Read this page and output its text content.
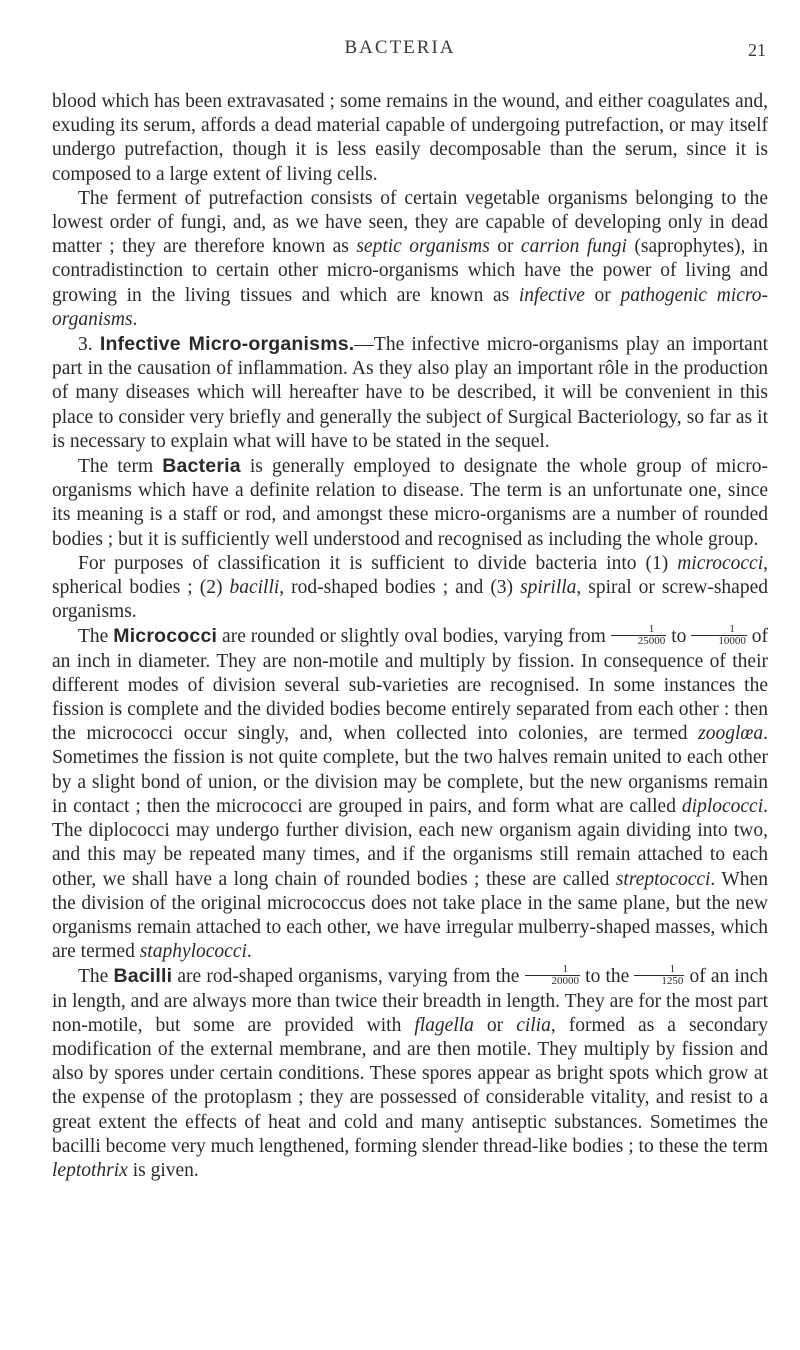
BACTERIA	21

blood which has been extravasated ; some remains in the wound, and either coagulates and, exuding its serum, affords a dead material capable of undergoing putrefaction, or may itself undergo putrefaction, though it is less easily decomposable than the serum, since it is composed to a large extent of living cells.

The ferment of putrefaction consists of certain vegetable organisms belonging to the lowest order of fungi, and, as we have seen, they are capable of developing only in dead matter ; they are therefore known as septic organisms or carrion fungi (saprophytes), in contradistinction to certain other micro-organisms which have the power of living and growing in the living tissues and which are known as infective or pathogenic micro-organisms.

3. Infective Micro-organisms.—The infective micro-organisms play an important part in the causation of inflammation. As they also play an important rôle in the production of many diseases which will hereafter have to be described, it will be convenient in this place to consider very briefly and generally the subject of Surgical Bacteriology, so far as it is necessary to explain what will have to be stated in the sequel.

The term Bacteria is generally employed to designate the whole group of micro-organisms which have a definite relation to disease. The term is an unfortunate one, since its meaning is a staff or rod, and amongst these micro-organisms are a number of rounded bodies ; but it is sufficiently well understood and recognised as including the whole group.

For purposes of classification it is sufficient to divide bacteria into (1) micrococci, spherical bodies ; (2) bacilli, rod-shaped bodies ; and (3) spirilla, spiral or screw-shaped organisms.

The Micrococci are rounded or slightly oval bodies, varying from $\frac{1}{25000}$ to $\frac{1}{10000}$ of an inch in diameter. They are non-motile and multiply by fission. In consequence of their different modes of division several sub-varieties are recognised. In some instances the fission is complete and the divided bodies become entirely separated from each other : then the micrococci occur singly, and, when collected into colonies, are termed zooglœa. Sometimes the fission is not quite complete, but the two halves remain united to each other by a slight bond of union, or the division may be complete, but the new organisms remain in contact ; then the micrococci are grouped in pairs, and form what are called diplococci. The diplococci may undergo further division, each new organism again dividing into two, and this may be repeated many times, and if the organisms still remain attached to each other, we shall have a long chain of rounded bodies ; these are called streptococci. When the division of the original micrococcus does not take place in the same plane, but the new organisms remain attached to each other, we have irregular mulberry-shaped masses, which are termed staphylococci.

The Bacilli are rod-shaped organisms, varying from the $\frac{1}{20000}$ to the $\frac{1}{1250}$ of an inch in length, and are always more than twice their breadth in length. They are for the most part non-motile, but some are provided with flagella or cilia, formed as a secondary modification of the external membrane, and are then motile. They multiply by fission and also by spores under certain conditions. These spores appear as bright spots which grow at the expense of the protoplasm ; they are possessed of considerable vitality, and resist to a great extent the effects of heat and cold and many antiseptic substances. Sometimes the bacilli become very much lengthened, forming slender thread-like bodies ; to these the term leptothrix is given.
